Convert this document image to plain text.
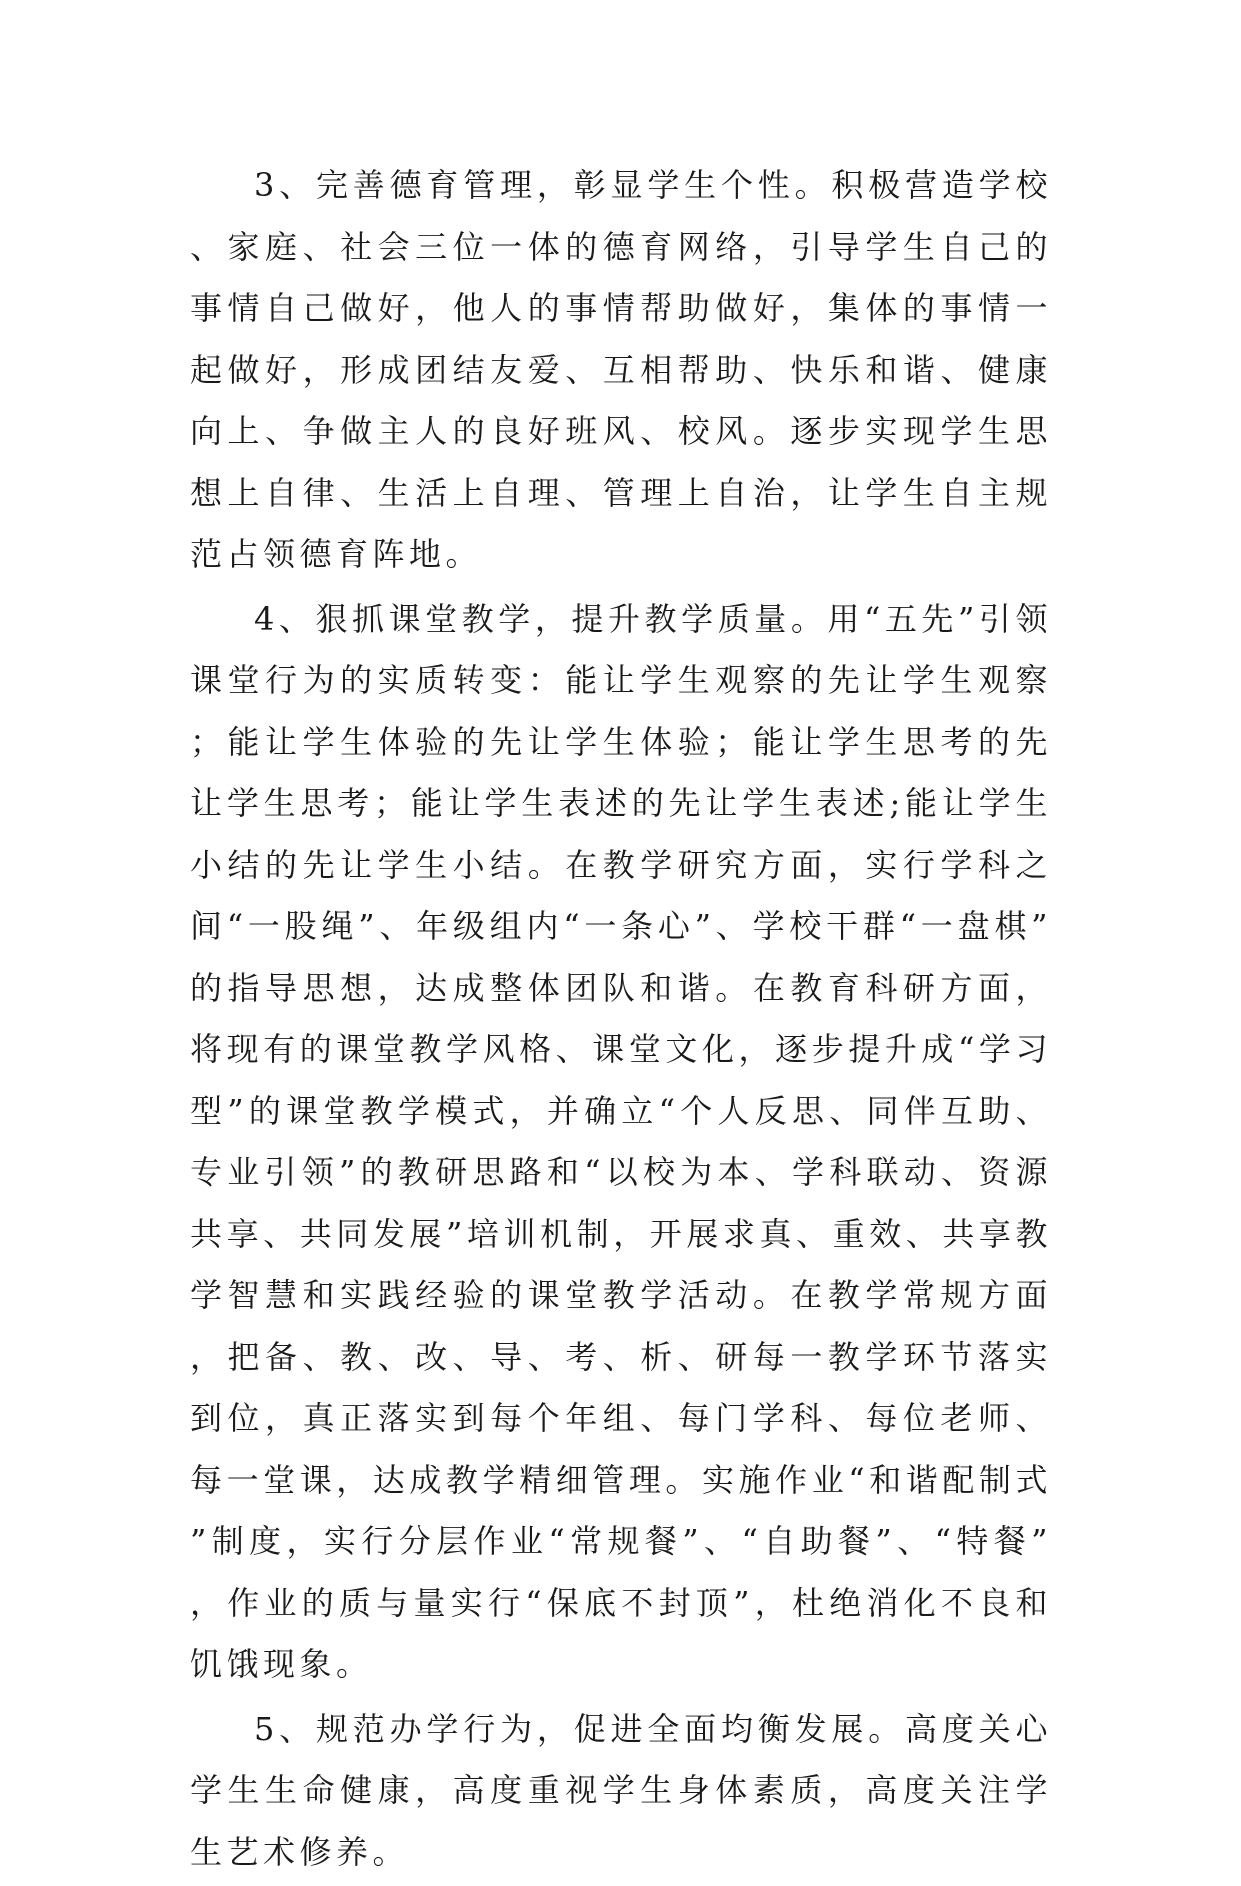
3、完善德育管理，彰显学生个性。积极营造学校、家庭、社会三位一体的德育网络，引导学生自己的事情自己做好，他人的事情帮助做好，集体的事情一起做好，形成团结友爱、互相帮助、快乐和谐、健康向上、争做主人的良好班风、校风。逐步实现学生思想上自律、生活上自理、管理上自治，让学生自主规范占领德育阵地。

4、狠抓课堂教学，提升教学质量。用“五先”引领课堂行为的实质转变：能让学生观察的先让学生观察；能让学生体验的先让学生体验；能让学生思考的先让学生思考；能让学生表述的先让学生表述;能让学生小结的先让学生小结。在教学研究方面，实行学科之间“一股绳”、年级组内“一条心”、学校干群“一盘棋”的指导思想，达成整体团队和谐。在教育科研方面，将现有的课堂教学风格、课堂文化，逐步提升成“学习型”的课堂教学模式，并确立“个人反思、同伴互助、专业引领”的教研思路和“以校为本、学科联动、资源共享、共同发展”培训机制，开展求真、重效、共享教学智慧和实践经验的课堂教学活动。在教学常规方面，把备、教、改、导、考、析、研每一教学环节落实到位，真正落实到每个年组、每门学科、每位老师、每一堂课，达成教学精细管理。实施作业“和谐配制式”制度，实行分层作业“常规餐”、“自助餐”、“特餐”，作业的质与量实行“保底不封顶”，杜绝消化不良和饥饿现象。

5、规范办学行为，促进全面均衡发展。高度关心学生生命健康，高度重视学生身体素质，高度关注学生艺术修养。
